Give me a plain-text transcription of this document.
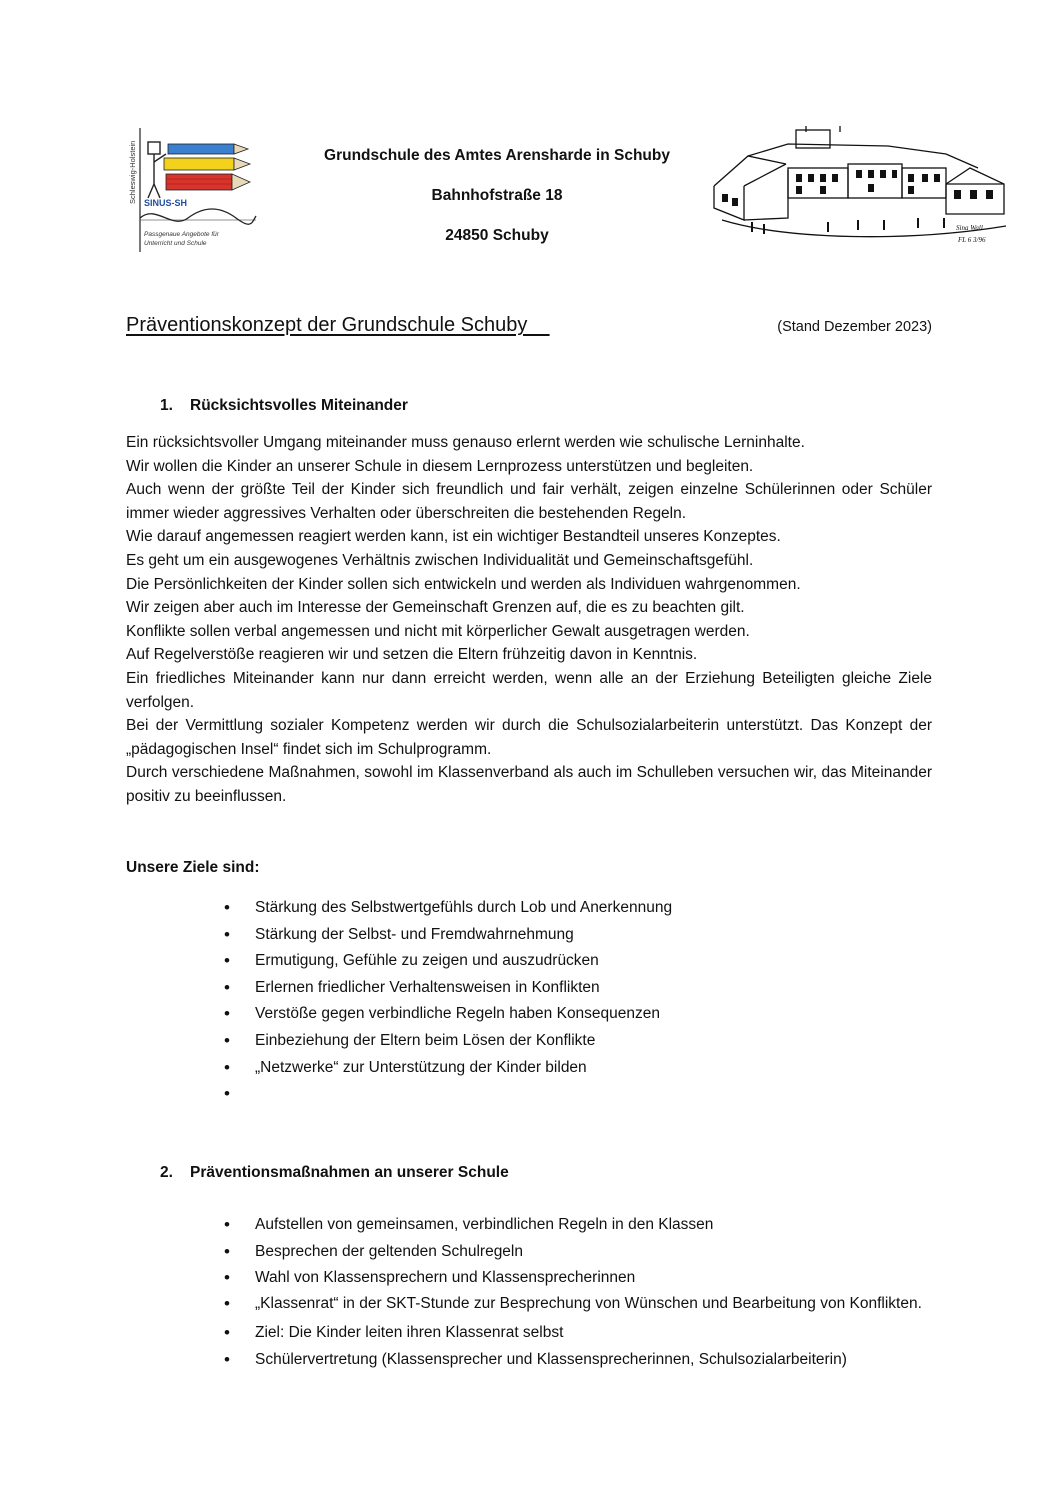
Schleswig-Holstein SINUS-SH
Passgenaue Angebote für
Unterricht und Schule
Grundschule des Amtes Arensharde in Schuby
Bahnhofstraße 18
24850 Schuby	Sina Wall
FL 6 3/96
Präventionskonzept der Grundschule Schuby	(Stand Dezember 2023)
1. Rücksichtsvolles Miteinander

Ein rücksichtsvoller Umgang miteinander muss genauso erlernt werden wie schulische Lerninhalte.

Wir wollen die Kinder an unserer Schule in diesem Lernprozess unterstützen und begleiten.

Auch wenn der größte Teil der Kinder sich freundlich und fair verhält, zeigen einzelne Schülerinnen oder Schüler immer wieder aggressives Verhalten oder überschreiten die bestehenden Regeln.

Wie darauf angemessen reagiert werden kann, ist ein wichtiger Bestandteil unseres Konzeptes.

Es geht um ein ausgewogenes Verhältnis zwischen Individualität und Gemeinschaftsgefühl.

Die Persönlichkeiten der Kinder sollen sich entwickeln und werden als Individuen wahrgenommen.

Wir zeigen aber auch im Interesse der Gemeinschaft Grenzen auf, die es zu beachten gilt.

Konflikte sollen verbal angemessen und nicht mit körperlicher Gewalt ausgetragen werden.

Auf Regelverstöße reagieren wir und setzen die Eltern frühzeitig davon in Kenntnis.

Ein friedliches Miteinander kann nur dann erreicht werden, wenn alle an der Erziehung Beteiligten gleiche Ziele verfolgen.

Bei der Vermittlung sozialer Kompetenz werden wir durch die Schulsozialarbeiterin unterstützt. Das Konzept der „pädagogischen Insel“ findet sich im Schulprogramm.

Durch verschiedene Maßnahmen, sowohl im Klassenverband als auch im Schulleben versuchen wir, das Miteinander positiv zu beeinflussen.

Unsere Ziele sind:
• Stärkung des Selbstwertgefühls durch Lob und Anerkennung
• Stärkung der Selbst- und Fremdwahrnehmung
• Ermutigung, Gefühle zu zeigen und auszudrücken
• Erlernen friedlicher Verhaltensweisen in Konflikten
• Verstöße gegen verbindliche Regeln haben Konsequenzen
• Einbeziehung der Eltern beim Lösen der Konflikte
• „Netzwerke“ zur Unterstützung der Kinder bilden
•
2. Präventionsmaßnahmen an unserer Schule
• Aufstellen von gemeinsamen, verbindlichen Regeln in den Klassen
• Besprechen der geltenden Schulregeln
• Wahl von Klassensprechern und Klassensprecherinnen
• „Klassenrat“ in der SKT-Stunde zur Besprechung von Wünschen und Bearbeitung von Konflikten.
• Ziel: Die Kinder leiten ihren Klassenrat selbst
• Schülervertretung (Klassensprecher und Klassensprecherinnen, Schulsozialarbeiterin)
